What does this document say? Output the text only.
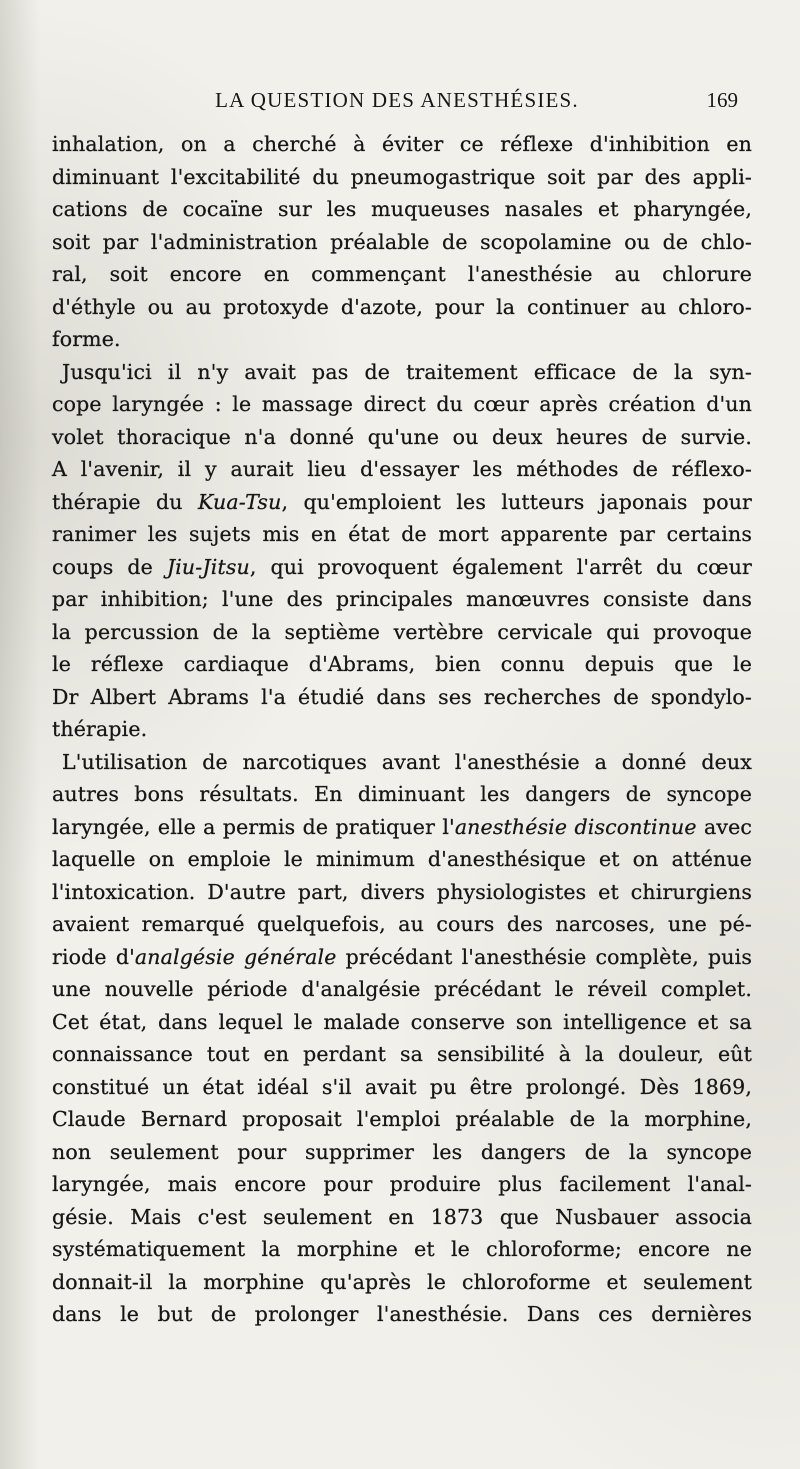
LA QUESTION DES ANESTHÉSIES.	169
inhalation, on a cherché à éviter ce réflexe d'inhibition en
diminuant l'excitabilité du pneumogastrique soit par des appli-
cations de cocaïne sur les muqueuses nasales et pharyngée,
soit par l'administration préalable de scopolamine ou de chlo-
ral, soit encore en commençant l'anesthésie au chlorure
d'éthyle ou au protoxyde d'azote, pour la continuer au chloro-
forme.
Jusqu'ici il n'y avait pas de traitement efficace de la syn-
cope laryngée : le massage direct du cœur après création d'un
volet thoracique n'a donné qu'une ou deux heures de survie.
A l'avenir, il y aurait lieu d'essayer les méthodes de réflexo-
thérapie du Kua-Tsu, qu'emploient les lutteurs japonais pour
ranimer les sujets mis en état de mort apparente par certains
coups de Jiu-Jitsu, qui provoquent également l'arrêt du cœur
par inhibition; l'une des principales manœuvres consiste dans
la percussion de la septième vertèbre cervicale qui provoque
le réflexe cardiaque d'Abrams, bien connu depuis que le
Dr Albert Abrams l'a étudié dans ses recherches de spondylo-
thérapie.
L'utilisation de narcotiques avant l'anesthésie a donné deux
autres bons résultats. En diminuant les dangers de syncope
laryngée, elle a permis de pratiquer l'anesthésie discontinue avec
laquelle on emploie le minimum d'anesthésique et on atténue
l'intoxication. D'autre part, divers physiologistes et chirurgiens
avaient remarqué quelquefois, au cours des narcoses, une pé-
riode d'analgésie générale précédant l'anesthésie complète, puis
une nouvelle période d'analgésie précédant le réveil complet.
Cet état, dans lequel le malade conserve son intelligence et sa
connaissance tout en perdant sa sensibilité à la douleur, eût
constitué un état idéal s'il avait pu être prolongé. Dès 1869,
Claude Bernard proposait l'emploi préalable de la morphine,
non seulement pour supprimer les dangers de la syncope
laryngée, mais encore pour produire plus facilement l'anal-
gésie. Mais c'est seulement en 1873 que Nusbauer associa
systématiquement la morphine et le chloroforme; encore ne
donnait-il la morphine qu'après le chloroforme et seulement
dans le but de prolonger l'anesthésie. Dans ces dernières
